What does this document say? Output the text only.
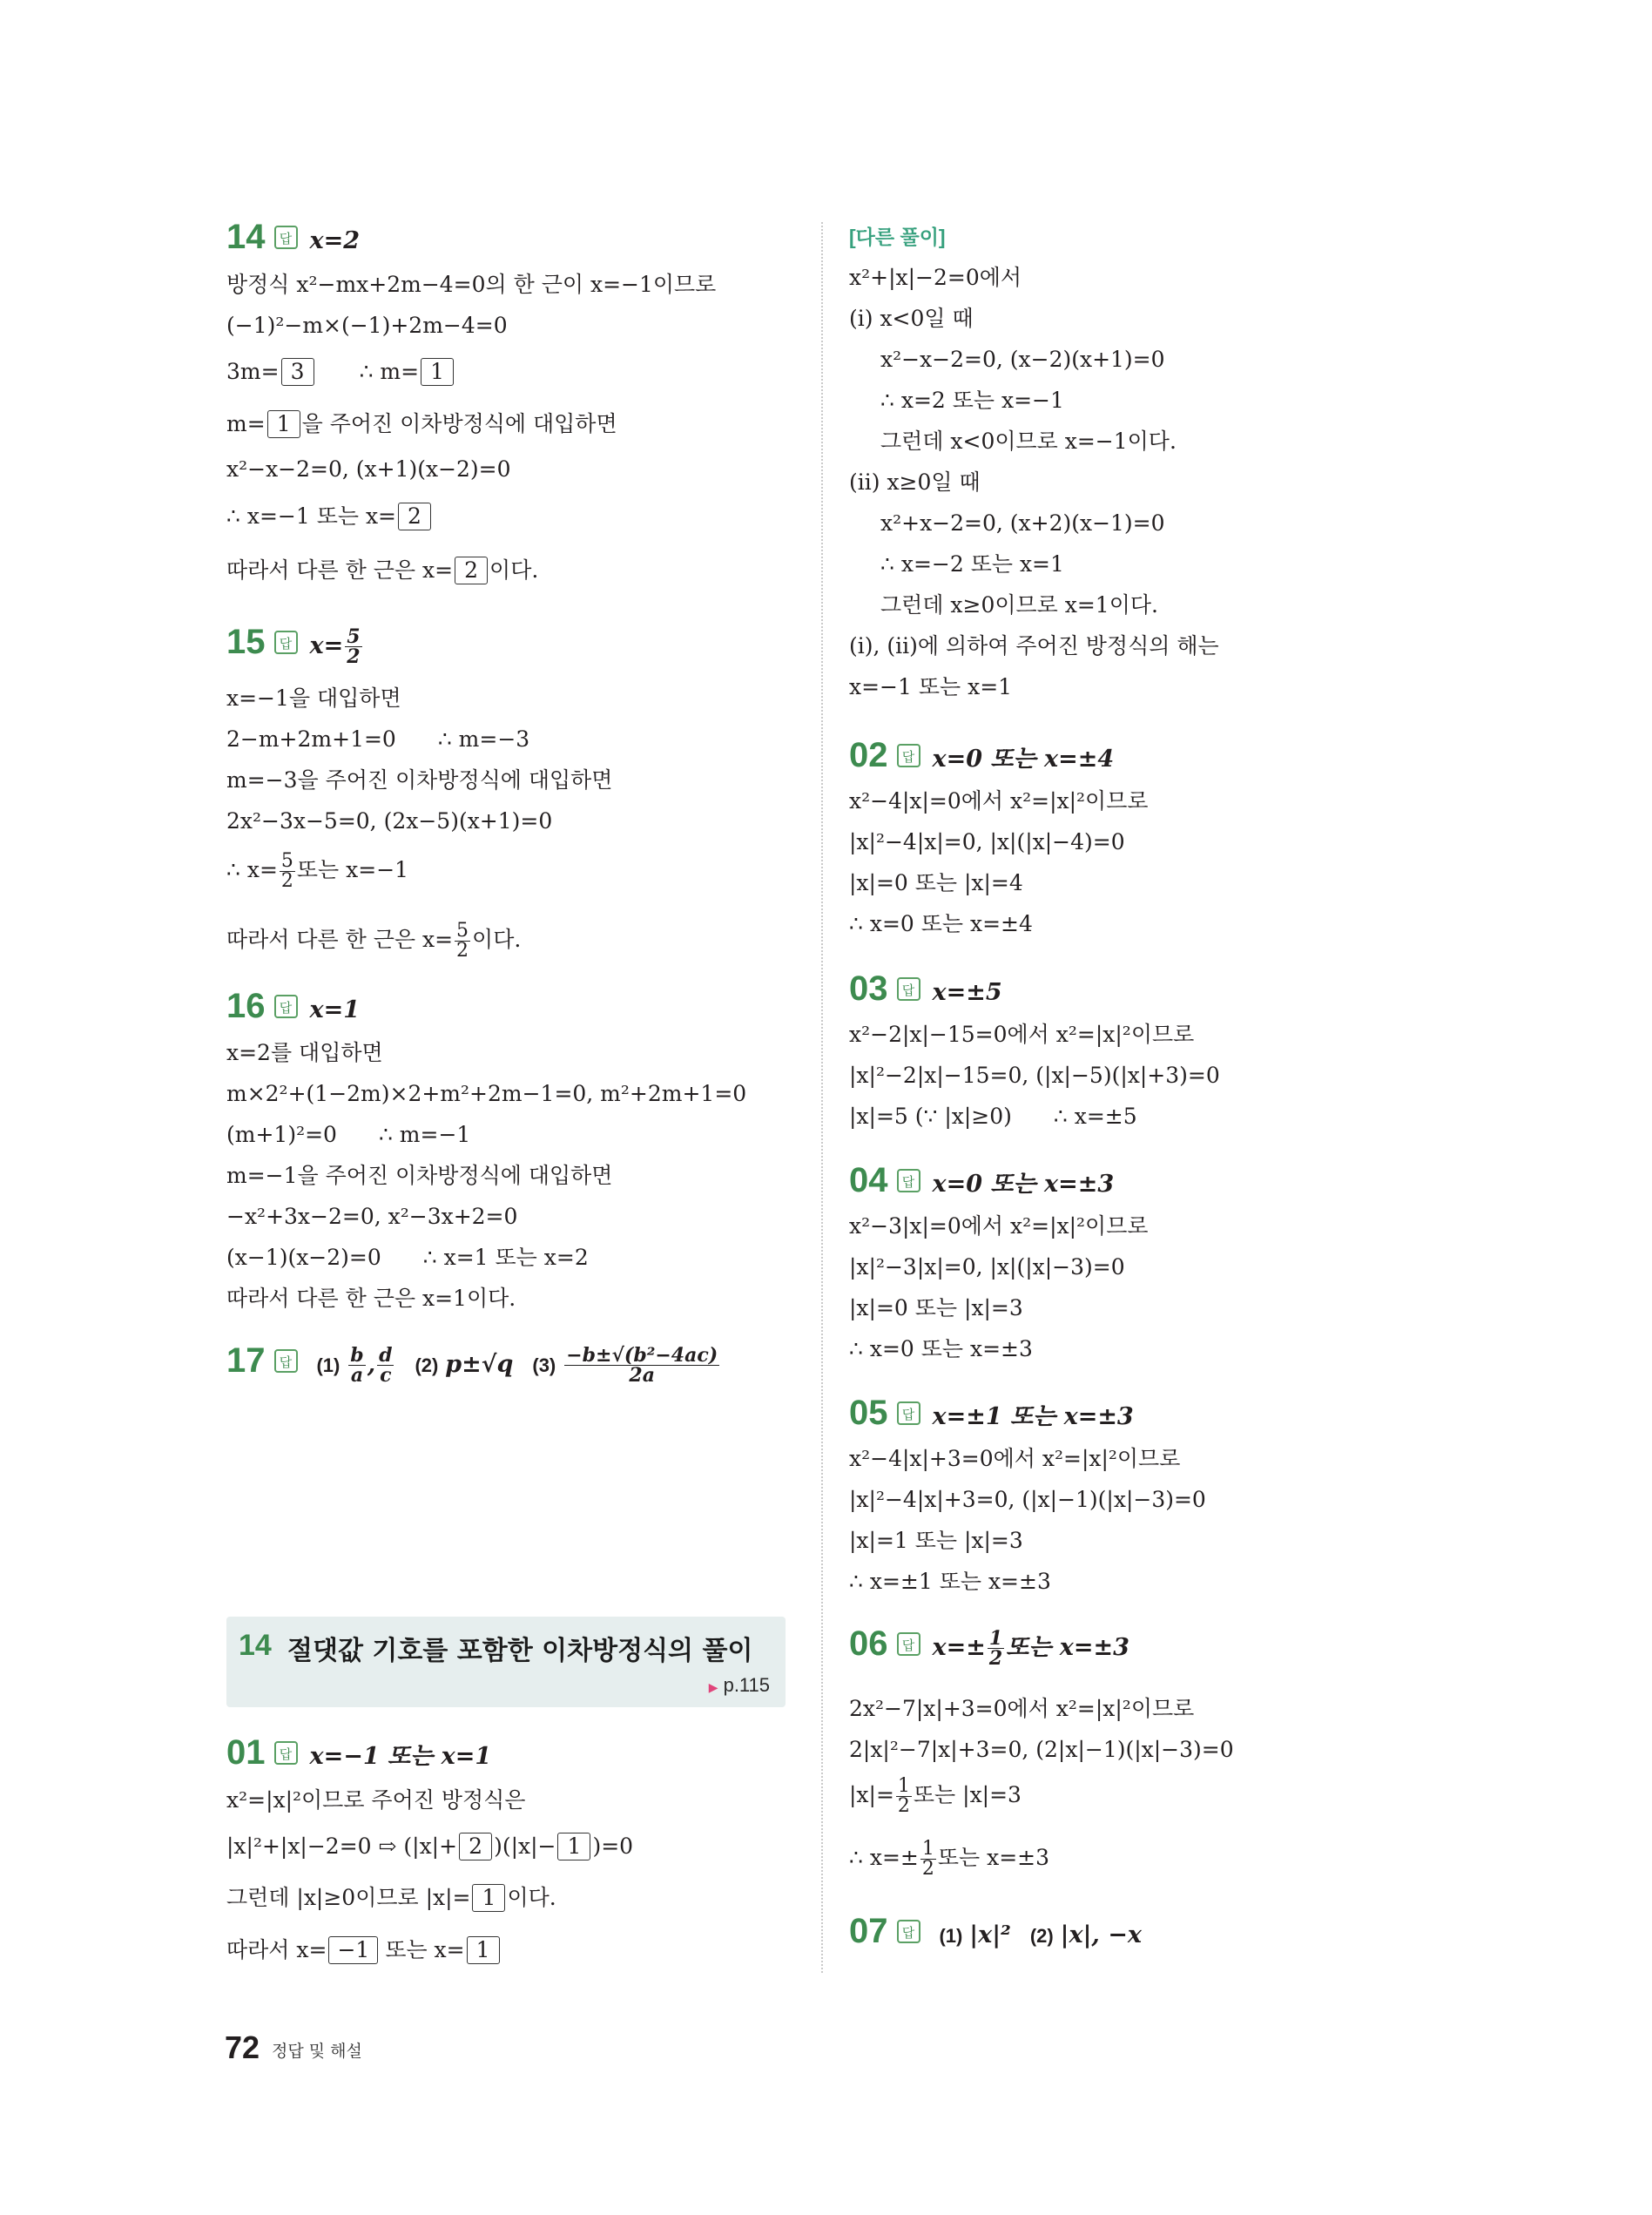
14 답 x=2
방정식 x²−mx+2m−4=0의 한 근이 x=−1이므로
(−1)²−m×(−1)+2m−4=0
3m= 3	∴ m= 1
m= 1 을 주어진 이차방정식에 대입하면
x²−x−2=0, (x+1)(x−2)=0
∴ x=−1 또는 x= 2
따라서 다른 한 근은 x= 2 이다.
15 답 $x= \frac{5}{2}$
x=−1을 대입하면
2−m+2m+1=0 ∴ m=−3
m=−3을 주어진 이차방정식에 대입하면
2x²−3x−5=0, (2x−5)(x+1)=0
∴ $x= \frac{5}{2}$ 또는 x=−1
따라서 다른 한 근은 $x= \frac{5}{2}$ 이다.
16 답 x=1
x=2를 대입하면
m×2²+(1−2m)×2+m²+2m−1=0, m²+2m+1=0
(m+1)²=0 ∴ m=−1
m=−1을 주어진 이차방정식에 대입하면
−x²+3x−2=0, x²−3x+2=0
(x−1)(x−2)=0 ∴ x=1 또는 x=2
따라서 다른 한 근은 x=1이다.
17 답 $(1) \frac{b}{a}$ , $\frac{d}{c} (2)$ p±√q $(3) \frac{\text{−b±√(b²−4ac)}}{2a}$
14 절댓값 기호를 포함한 이차방정식의 풀이
▶ p.115
01 답 x=−1 또는 x=1
x²=|x|²이므로 주어진 방정식은
|x|²+|x|−2=0 ⇨ (|x|+ 2 )(|x|− 1 )=0
그런데 |x|≥0이므로 |x|= 1 이다.
따라서 x= −1 또는 x= 1
[다른 풀이]
x²+|x|−2=0에서
(ⅰ) x<0일 때
x²−x−2=0, (x−2)(x+1)=0
∴ x=2 또는 x=−1
그런데 x<0이므로 x=−1이다.
(ⅱ) x≥0일 때
x²+x−2=0, (x+2)(x−1)=0
∴ x=−2 또는 x=1
그런데 x≥0이므로 x=1이다.
(ⅰ), (ⅱ)에 의하여 주어진 방정식의 해는
x=−1 또는 x=1
02 답 x=0 또는 x=±4
x²−4|x|=0에서 x²=|x|²이므로
|x|²−4|x|=0, |x|(|x|−4)=0
|x|=0 또는 |x|=4
∴ x=0 또는 x=±4
03 답 x=±5
x²−2|x|−15=0에서 x²=|x|²이므로
|x|²−2|x|−15=0, (|x|−5)(|x|+3)=0
|x|=5 (∵ |x|≥0) ∴ x=±5
04 답 x=0 또는 x=±3
x²−3|x|=0에서 x²=|x|²이므로
|x|²−3|x|=0, |x|(|x|−3)=0
|x|=0 또는 |x|=3
∴ x=0 또는 x=±3
05 답 x=±1 또는 x=±3
x²−4|x|+3=0에서 x²=|x|²이므로
|x|²−4|x|+3=0, (|x|−1)(|x|−3)=0
|x|=1 또는 |x|=3
∴ x=±1 또는 x=±3
06 답 $x=\pm \frac{1}{2}$ 또는 x=±3
2x²−7|x|+3=0에서 x²=|x|²이므로
2|x|²−7|x|+3=0, (2|x|−1)(|x|−3)=0
$|x|= \frac{1}{2}$ 또는 |x|=3
∴ $x=\pm \frac{1}{2}$ 또는 x=±3
07 답 (1) |x|² (2) |x|, −x
72 정답 및 해설
